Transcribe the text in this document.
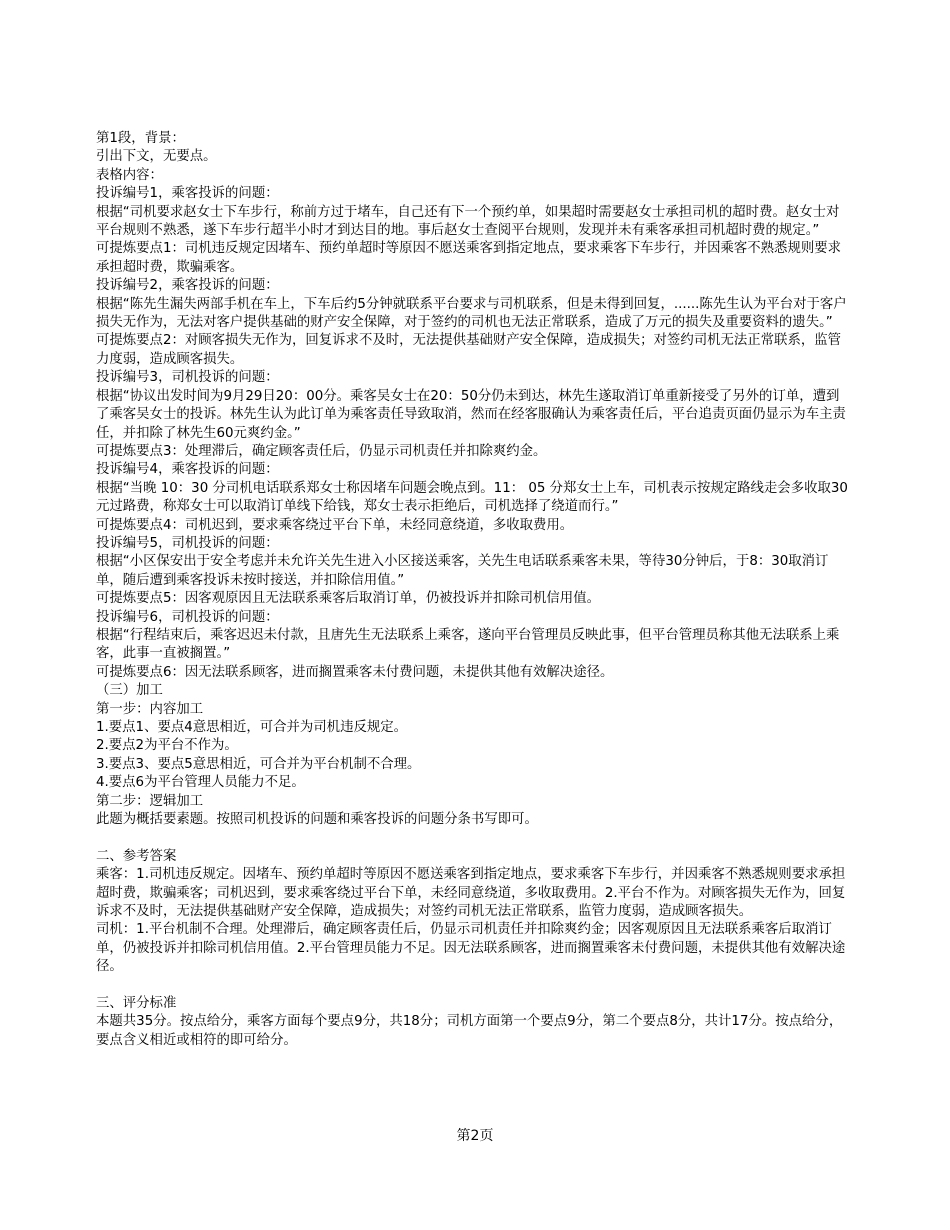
第1段，背景：

引出下文，无要点。

表格内容：

投诉编号1，乘客投诉的问题：

根据“司机要求赵女士下车步行，称前方过于堵车，自己还有下一个预约单，如果超时需要赵女士承担司机的超时费。赵女士对平台规则不熟悉，遂下车步行超半小时才到达目的地。事后赵女士查阅平台规则，发现并未有乘客承担司机超时费的规定。”

可提炼要点1：司机违反规定因堵车、预约单超时等原因不愿送乘客到指定地点，要求乘客下车步行，并因乘客不熟悉规则要求承担超时费，欺骗乘客。

投诉编号2，乘客投诉的问题：

根据“陈先生漏失两部手机在车上，下车后约5分钟就联系平台要求与司机联系，但是未得到回复，......陈先生认为平台对于客户损失无作为，无法对客户提供基础的财产安全保障，对于签约的司机也无法正常联系，造成了万元的损失及重要资料的遗失。”

可提炼要点2：对顾客损失无作为，回复诉求不及时，无法提供基础财产安全保障，造成损失；对签约司机无法正常联系，监管力度弱，造成顾客损失。

投诉编号3，司机投诉的问题：

根据“协议出发时间为9月29日20：00分。乘客吴女士在20：50分仍未到达，林先生遂取消订单重新接受了另外的订单，遭到了乘客吴女士的投诉。林先生认为此订单为乘客责任导致取消，然而在经客服确认为乘客责任后，平台追责页面仍显示为车主责任，并扣除了林先生60元爽约金。”

可提炼要点3：处理滞后，确定顾客责任后，仍显示司机责任并扣除爽约金。

投诉编号4，乘客投诉的问题：

根据“当晚 10：30 分司机电话联系郑女士称因堵车问题会晚点到。11： 05 分郑女士上车，司机表示按规定路线走会多收取30元过路费，称郑女士可以取消订单线下给钱，郑女士表示拒绝后，司机选择了绕道而行。”

可提炼要点4：司机迟到，要求乘客绕过平台下单，未经同意绕道，多收取费用。

投诉编号5，司机投诉的问题：

根据“小区保安出于安全考虑并未允许关先生进入小区接送乘客，关先生电话联系乘客未果，等待30分钟后，于8：30取消订单，随后遭到乘客投诉未按时接送，并扣除信用值。”

可提炼要点5：因客观原因且无法联系乘客后取消订单，仍被投诉并扣除司机信用值。

投诉编号6，司机投诉的问题：

根据“行程结束后，乘客迟迟未付款，且唐先生无法联系上乘客，遂向平台管理员反映此事，但平台管理员称其他无法联系上乘客，此事一直被搁置。”

可提炼要点6：因无法联系顾客，进而搁置乘客未付费问题，未提供其他有效解决途径。

（三）加工

第一步：内容加工

1.要点1、要点4意思相近，可合并为司机违反规定。

2.要点2为平台不作为。

3.要点3、要点5意思相近，可合并为平台机制不合理。

4.要点6为平台管理人员能力不足。

第二步：逻辑加工

此题为概括要素题。按照司机投诉的问题和乘客投诉的问题分条书写即可。

二、参考答案

乘客：1.司机违反规定。因堵车、预约单超时等原因不愿送乘客到指定地点，要求乘客下车步行，并因乘客不熟悉规则要求承担超时费，欺骗乘客；司机迟到，要求乘客绕过平台下单，未经同意绕道，多收取费用。2.平台不作为。对顾客损失无作为，回复诉求不及时，无法提供基础财产安全保障，造成损失；对签约司机无法正常联系，监管力度弱，造成顾客损失。

司机：1.平台机制不合理。处理滞后，确定顾客责任后，仍显示司机责任并扣除爽约金；因客观原因且无法联系乘客后取消订单，仍被投诉并扣除司机信用值。2.平台管理员能力不足。因无法联系顾客，进而搁置乘客未付费问题，未提供其他有效解决途径。

三、评分标准

本题共35分。按点给分，乘客方面每个要点9分，共18分；司机方面第一个要点9分，第二个要点8分，共计17分。按点给分，要点含义相近或相符的即可给分。

第2页
